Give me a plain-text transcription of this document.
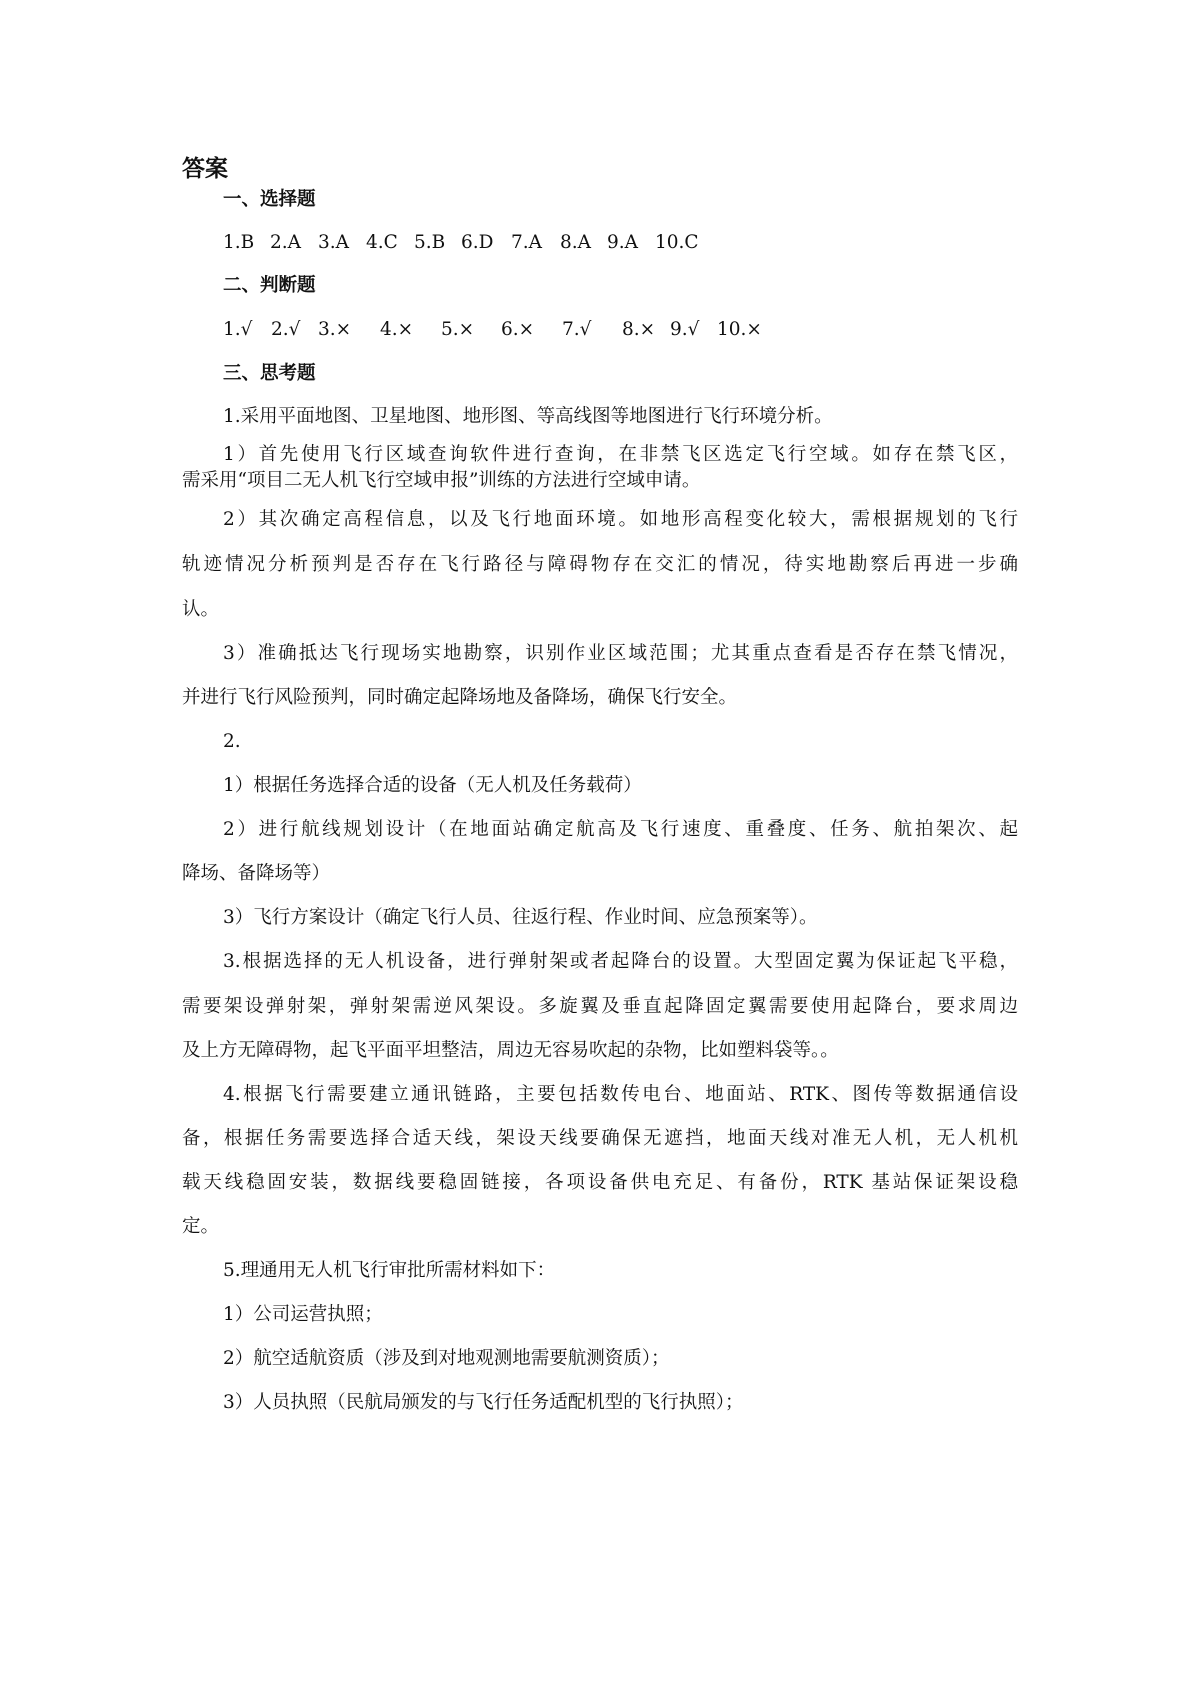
答案
一、选择题
1.B 2.A 3.A 4.C 5.B 6.D 7.A 8.A 9.A 10.C
二、判断题
1.√ 2.√ 3.× 4.× 5.× 6.× 7.√ 8.× 9.√ 10.×
三、思考题
1.采用平面地图、卫星地图、地形图、等高线图等地图进行飞行环境分析。
1）首先使用飞行区域查询软件进行查询，在非禁飞区选定飞行空域。如存在禁飞区，
需采用“项目二无人机飞行空域申报”训练的方法进行空域申请。
2）其次确定高程信息，以及飞行地面环境。如地形高程变化较大，需根据规划的飞行
轨迹情况分析预判是否存在飞行路径与障碍物存在交汇的情况，待实地勘察后再进一步确
认。
3）准确抵达飞行现场实地勘察，识别作业区域范围；尤其重点查看是否存在禁飞情况，
并进行飞行风险预判，同时确定起降场地及备降场，确保飞行安全。
2.
1）根据任务选择合适的设备（无人机及任务载荷）
2）进行航线规划设计（在地面站确定航高及飞行速度、重叠度、任务、航拍架次、起
降场、备降场等）
3）飞行方案设计（确定飞行人员、往返行程、作业时间、应急预案等）。
3.根据选择的无人机设备，进行弹射架或者起降台的设置。大型固定翼为保证起飞平稳，
需要架设弹射架，弹射架需逆风架设。多旋翼及垂直起降固定翼需要使用起降台，要求周边
及上方无障碍物，起飞平面平坦整洁，周边无容易吹起的杂物，比如塑料袋等。。
4.根据飞行需要建立通讯链路，主要包括数传电台、地面站、RTK、图传等数据通信设
备，根据任务需要选择合适天线，架设天线要确保无遮挡，地面天线对准无人机，无人机机
载天线稳固安装，数据线要稳固链接，各项设备供电充足、有备份，RTK 基站保证架设稳
定。
5.理通用无人机飞行审批所需材料如下：
1）公司运营执照；
2）航空适航资质（涉及到对地观测地需要航测资质）；
3）人员执照（民航局颁发的与飞行任务适配机型的飞行执照）；
